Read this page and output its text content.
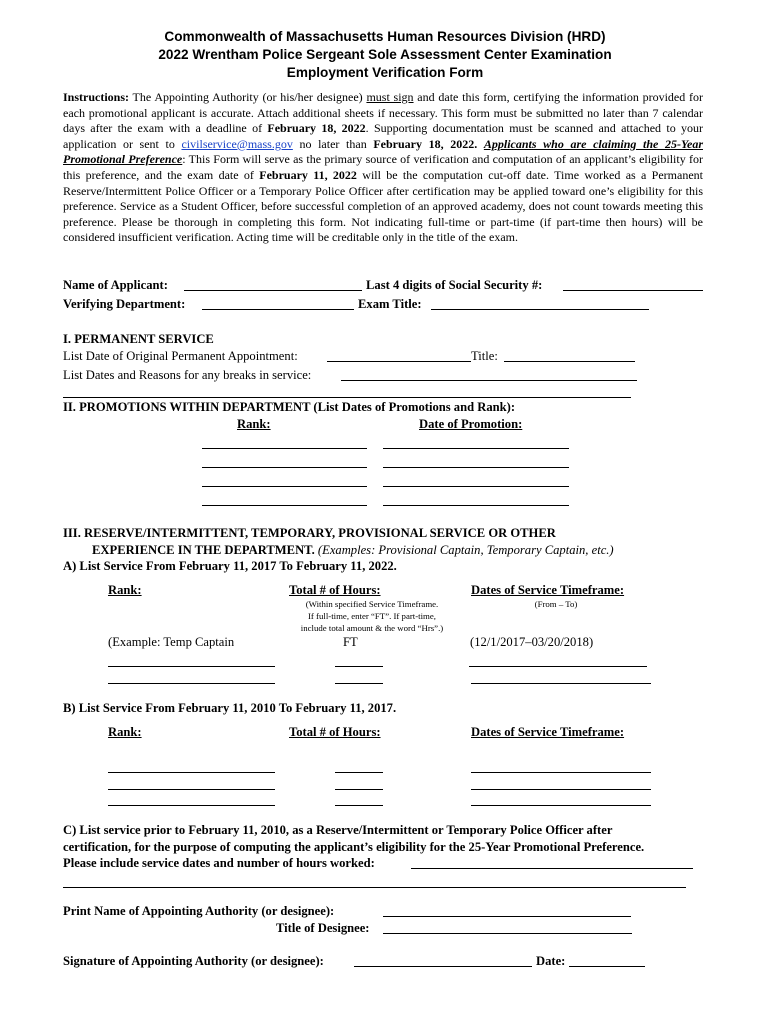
Commonwealth of Massachusetts Human Resources Division (HRD)
2022 Wrentham Police Sergeant Sole Assessment Center Examination
Employment Verification Form
Instructions: The Appointing Authority (or his/her designee) must sign and date this form, certifying the information provided for each promotional applicant is accurate. Attach additional sheets if necessary. This form must be submitted no later than 7 calendar days after the exam with a deadline of February 18, 2022. Supporting documentation must be scanned and attached to your application or sent to civilservice@mass.gov no later than February 18, 2022. Applicants who are claiming the 25-Year Promotional Preference: This Form will serve as the primary source of verification and computation of an applicant’s eligibility for this preference, and the exam date of February 11, 2022 will be the computation cut-off date. Time worked as a Permanent Reserve/Intermittent Police Officer or a Temporary Police Officer after certification may be applied toward one’s eligibility for this preference. Service as a Student Officer, before successful completion of an approved academy, does not count towards meeting this preference. Please be thorough in completing this form. Not indicating full-time or part-time (if part-time then hours) will be considered insufficient verification. Acting time will be creditable only in the title of the exam.
Name of Applicant:	Last 4 digits of Social Security #:
Verifying Department:	Exam Title:
I. PERMANENT SERVICE
List Date of Original Permanent Appointment:	Title:
List Dates and Reasons for any breaks in service:
II. PROMOTIONS WITHIN DEPARTMENT (List Dates of Promotions and Rank):
Rank:	Date of Promotion:
III. RESERVE/INTERMITTENT, TEMPORARY, PROVISIONAL SERVICE OR OTHER
EXPERIENCE IN THE DEPARTMENT. (Examples: Provisional Captain, Temporary Captain, etc.)
A) List Service From February 11, 2017 To February 11, 2022.
Rank:	Total # of Hours:	Dates of Service Timeframe:
(Within specified Service Timeframe.
If full-time, enter “FT”. If part-time,
include total amount & the word “Hrs”.)
(From – To)
(Example: Temp Captain	FT	(12/1/2017–03/20/2018)
B) List Service From February 11, 2010 To February 11, 2017.
Rank:	Total # of Hours:	Dates of Service Timeframe:
C) List service prior to February 11, 2010, as a Reserve/Intermittent or Temporary Police Officer after
certification, for the purpose of computing the applicant’s eligibility for the 25-Year Promotional Preference.
Please include service dates and number of hours worked:
Print Name of Appointing Authority (or designee):
Title of Designee:
Signature of Appointing Authority (or designee):	Date:
